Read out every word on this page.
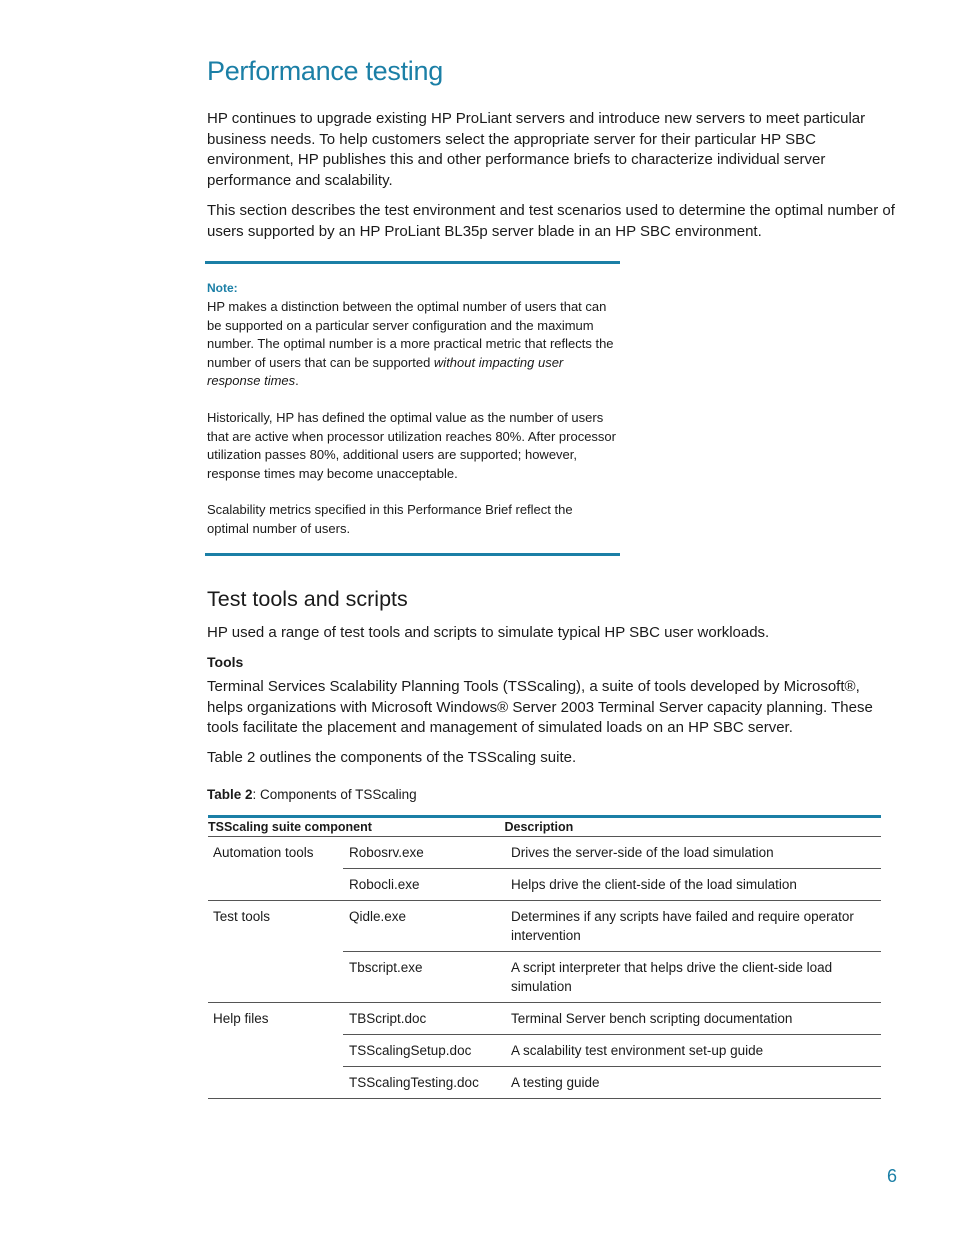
Performance testing
HP continues to upgrade existing HP ProLiant servers and introduce new servers to meet particular business needs. To help customers select the appropriate server for their particular HP SBC environment, HP publishes this and other performance briefs to characterize individual server performance and scalability.
This section describes the test environment and test scenarios used to determine the optimal number of users supported by an HP ProLiant BL35p server blade in an HP SBC environment.
Note:
HP makes a distinction between the optimal number of users that can be supported on a particular server configuration and the maximum number. The optimal number is a more practical metric that reflects the number of users that can be supported without impacting user response times.
Historically, HP has defined the optimal value as the number of users that are active when processor utilization reaches 80%. After processor utilization passes 80%, additional users are supported; however, response times may become unacceptable.
Scalability metrics specified in this Performance Brief reflect the optimal number of users.
Test tools and scripts
HP used a range of test tools and scripts to simulate typical HP SBC user workloads.
Tools
Terminal Services Scalability Planning Tools (TSScaling), a suite of tools developed by Microsoft®, helps organizations with Microsoft Windows® Server 2003 Terminal Server capacity planning. These tools facilitate the placement and management of simulated loads on an HP SBC server.
Table 2 outlines the components of the TSScaling suite.
Table 2: Components of TSScaling
TSScaling suite component		Description
Automation tools	Robosrv.exe	Drives the server-side of the load simulation
	Robocli.exe	Helps drive the client-side of the load simulation
Test tools	Qidle.exe	Determines if any scripts have failed and require operator intervention
	Tbscript.exe	A script interpreter that helps drive the client-side load simulation
Help files	TBScript.doc	Terminal Server bench scripting documentation
	TSScalingSetup.doc	A scalability test environment set-up guide
	TSScalingTesting.doc	A testing guide
6
